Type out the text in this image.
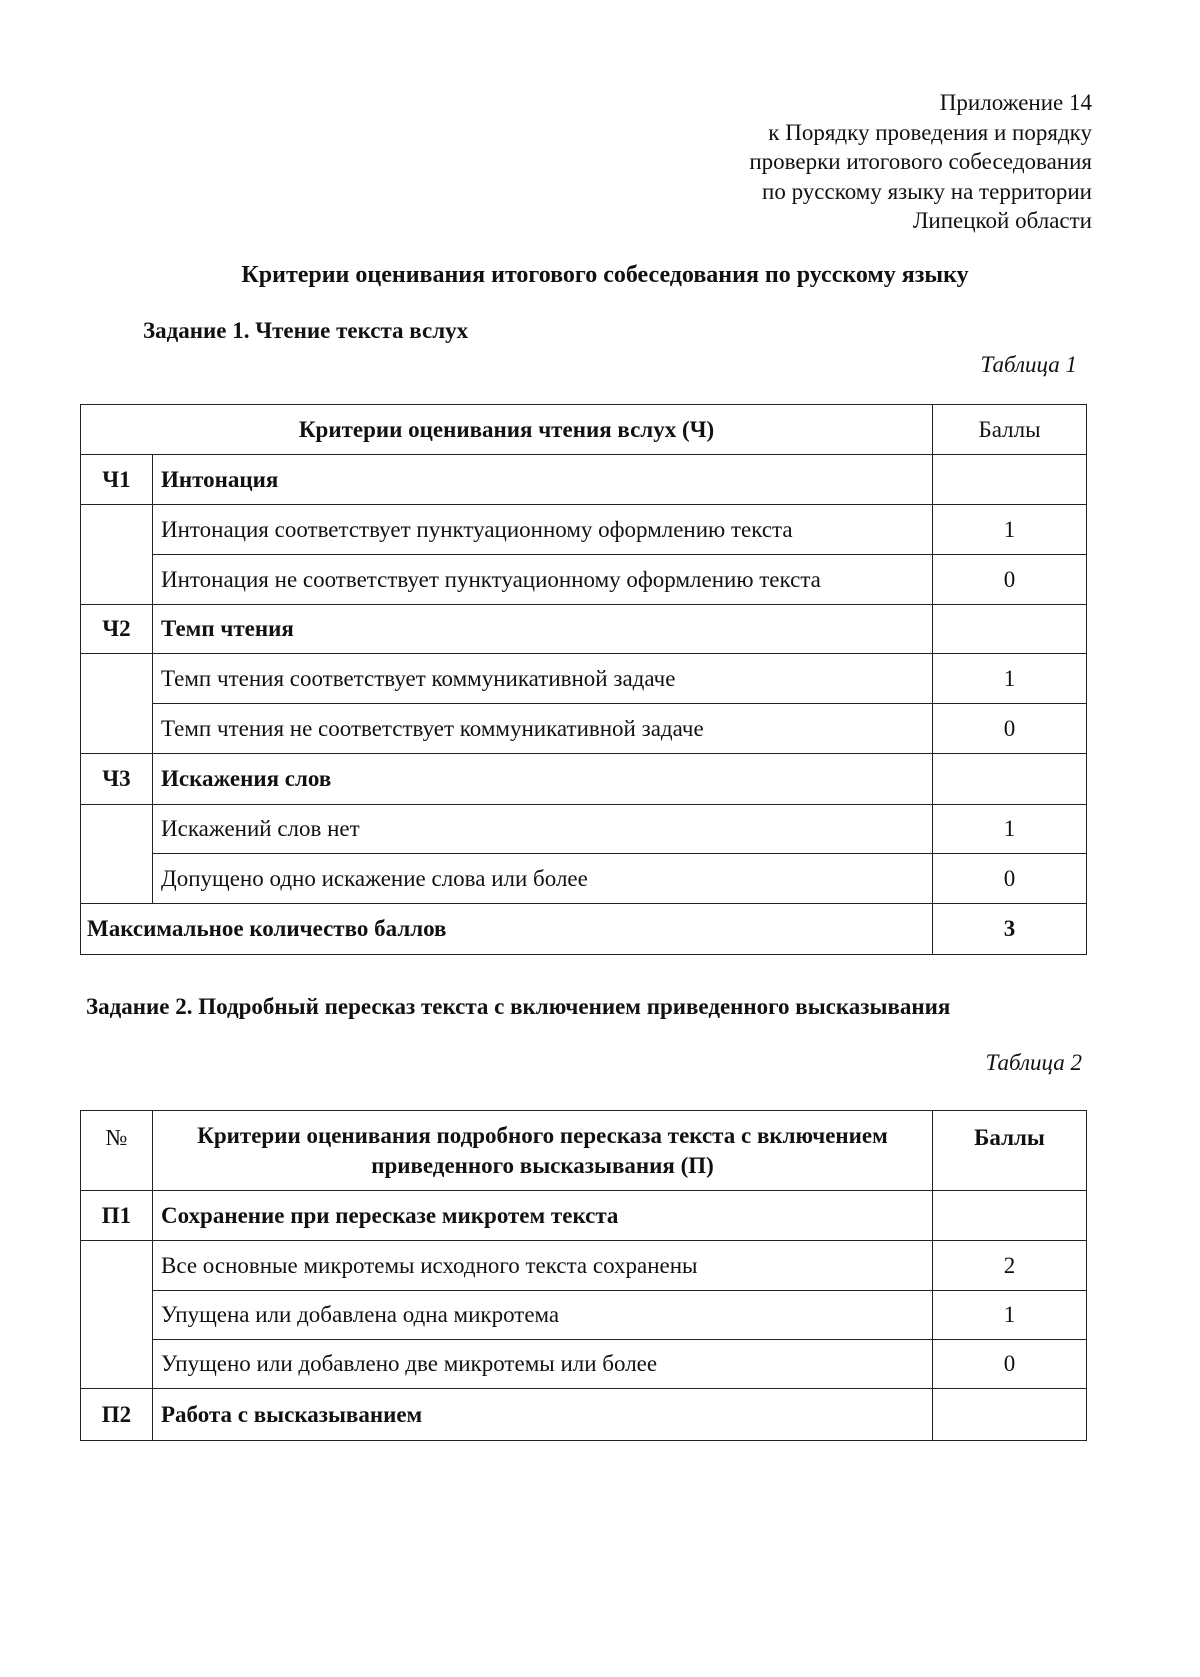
Приложение 14
к Порядку проведения и порядку
проверки итогового собеседования
по русскому языку на территории
Липецкой области
Критерии оценивания итогового собеседования по русскому языку
Задание 1. Чтение текста вслух
Таблица 1
Критерии оценивания чтения вслух (Ч)		Баллы
Ч1	Интонация	
	Интонация соответствует пунктуационному оформлению текста	1
	Интонация не соответствует пунктуационному оформлению текста	0
Ч2	Темп чтения	
	Темп чтения соответствует коммуникативной задаче	1
	Темп чтения не соответствует коммуникативной задаче	0
Ч3	Искажения слов	
	Искажений слов нет	1
	Допущено одно искажение слова или более	0
Максимальное количество баллов		3
Задание 2. Подробный пересказ текста с включением приведенного высказывания
Таблица 2
№	Критерии оценивания подробного пересказа текста с включением
приведенного высказывания (П)	Баллы
П1	Сохранение при пересказе микротем текста	
	Все основные микротемы исходного текста сохранены	2
	Упущена или добавлена одна микротема	1
	Упущено или добавлено две микротемы или более	0
П2	Работа с высказыванием	
